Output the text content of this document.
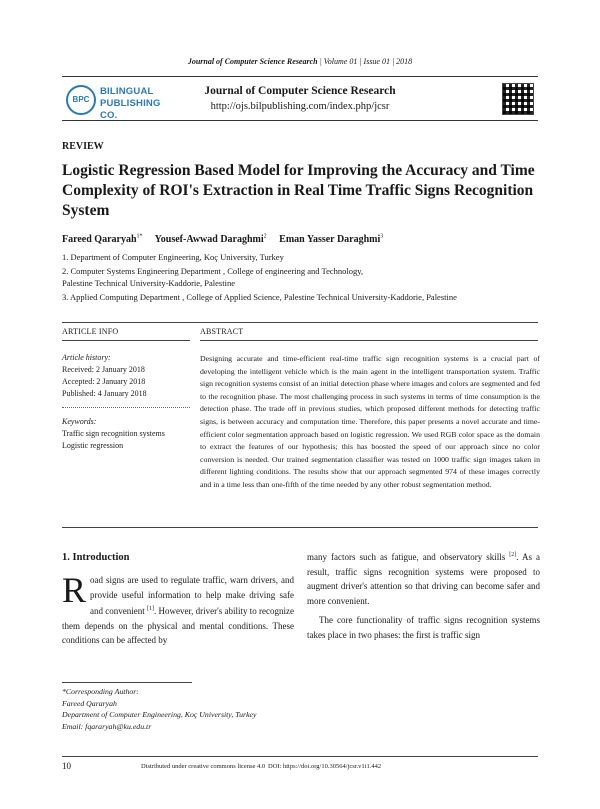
Journal of Computer Science Research | Volume 01 | Issue 01 | 2018
BPC
BILINGUAL
PUBLISHING CO.
Journal of Computer Science Research
http://ojs.bilpublishing.com/index.php/jcsr
REVIEW
Logistic Regression Based Model for Improving the Accuracy and Time Complexity of ROI's Extraction in Real Time Traffic Signs Recognition System
Fareed Qararyah$^{1*}$ Yousef-Awwad Daraghmi$^2$ Eman Yasser Daraghmi$^3$
1. Department of Computer Engineering, Koç University, Turkey
2. Computer Systems Engineering Department , College of engineering and Technology,
Palestine Technical University-Kaddorie, Palestine
3. Applied Computing Department , College of Applied Science, Palestine Technical University-Kaddorie, Palestine
ARTICLE INFO	ABSTRACT
Article history:
Received: 2 January 2018
Accepted: 2 January 2018
Published: 4 January 2018
Keywords:
Traffic sign recognition systems
Logistic regression
Designing accurate and time-efficient real-time traffic sign recognition systems is a crucial part of developing the intelligent vehicle which is the main agent in the intelligent transportation system. Traffic sign recognition systems consist of an initial detection phase where images and colors are segmented and fed to the recognition phase. The most challenging process in such systems in terms of time consumption is the detection phase. The trade off in previous studies, which proposed different methods for detecting traffic signs, is between accuracy and computation time. Therefore, this paper presents a novel accurate and time-efficient color segmentation approach based on logistic regression. We used RGB color space as the domain to extract the features of our hypothesis; this has boosted the speed of our approach since no color conversion is needed. Our trained segmentation classifier was tested on 1000 traffic sign images taken in different lighting conditions. The results show that our approach segmented 974 of these images correctly and in a time less than one-fifth of the time needed by any other robust segmentation method.
1. Introduction
Road signs are used to regulate traffic, warn drivers, and provide useful information to help make driving safe and convenient [1]. However, driver's ability to recognize them depends on the physical and mental conditions. These conditions can be affected by

many factors such as fatigue, and observatory skills [2]. As a result, traffic signs recognition systems were proposed to augment driver's attention so that driving can become safer and more convenient.

The core functionality of traffic signs recognition systems takes place in two phases: the first is traffic sign

*Corresponding Author:
Fareed Qararyah
Department of Computer Engineering, Koç University, Turkey
Email: fqararyah@ku.edu.tr
10	Distributed under creative commons license 4.0 DOI: https://doi.org/10.30564/jcsr.v1i1.442
